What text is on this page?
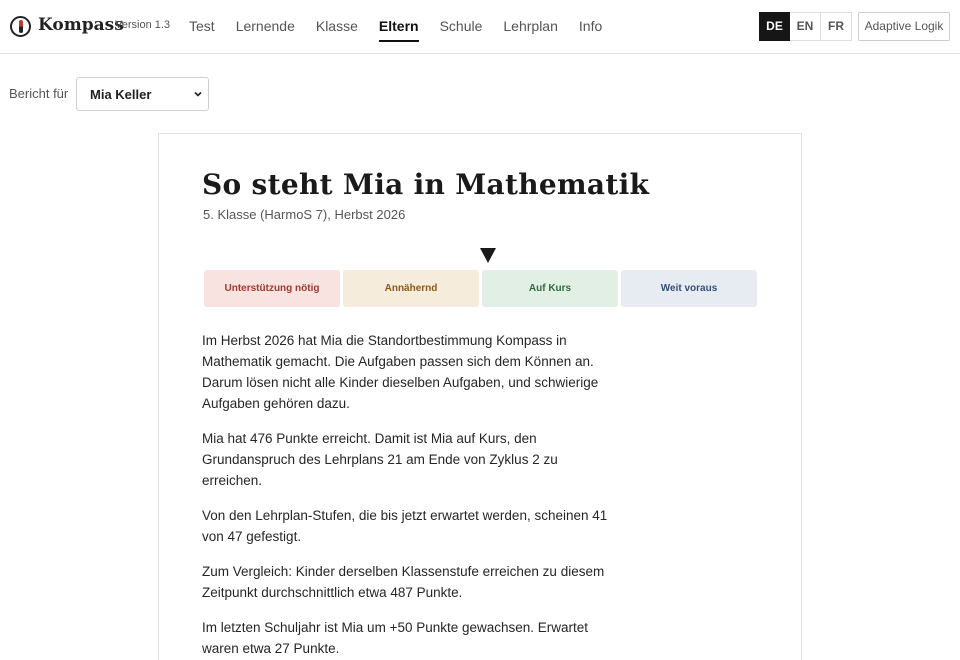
Kompass
Version 1.3 Test Lernende Klasse Eltern Schule Lehrplan Info	DE	EN	FR	Adaptive Logik
Bericht für Mia Keller
So steht Mia in Mathematik
5. Klasse (HarmoS 7), Herbst 2026
Unterstützung nötig	Annähernd	Auf Kurs	Weit voraus

Im Herbst 2026 hat Mia die Standortbestimmung Kompass in Mathematik gemacht. Die Aufgaben passen sich dem Können an. Darum lösen nicht alle Kinder dieselben Aufgaben, und schwierige Aufgaben gehören dazu.

Mia hat 476 Punkte erreicht. Damit ist Mia auf Kurs, den Grundanspruch des Lehrplans 21 am Ende von Zyklus 2 zu erreichen.

Von den Lehrplan-Stufen, die bis jetzt erwartet werden, scheinen 41 von 47 gefestigt.

Zum Vergleich: Kinder derselben Klassenstufe erreichen zu diesem Zeitpunkt durchschnittlich etwa 487 Punkte.

Im letzten Schuljahr ist Mia um +50 Punkte gewachsen. Erwartet waren etwa 27 Punkte.
